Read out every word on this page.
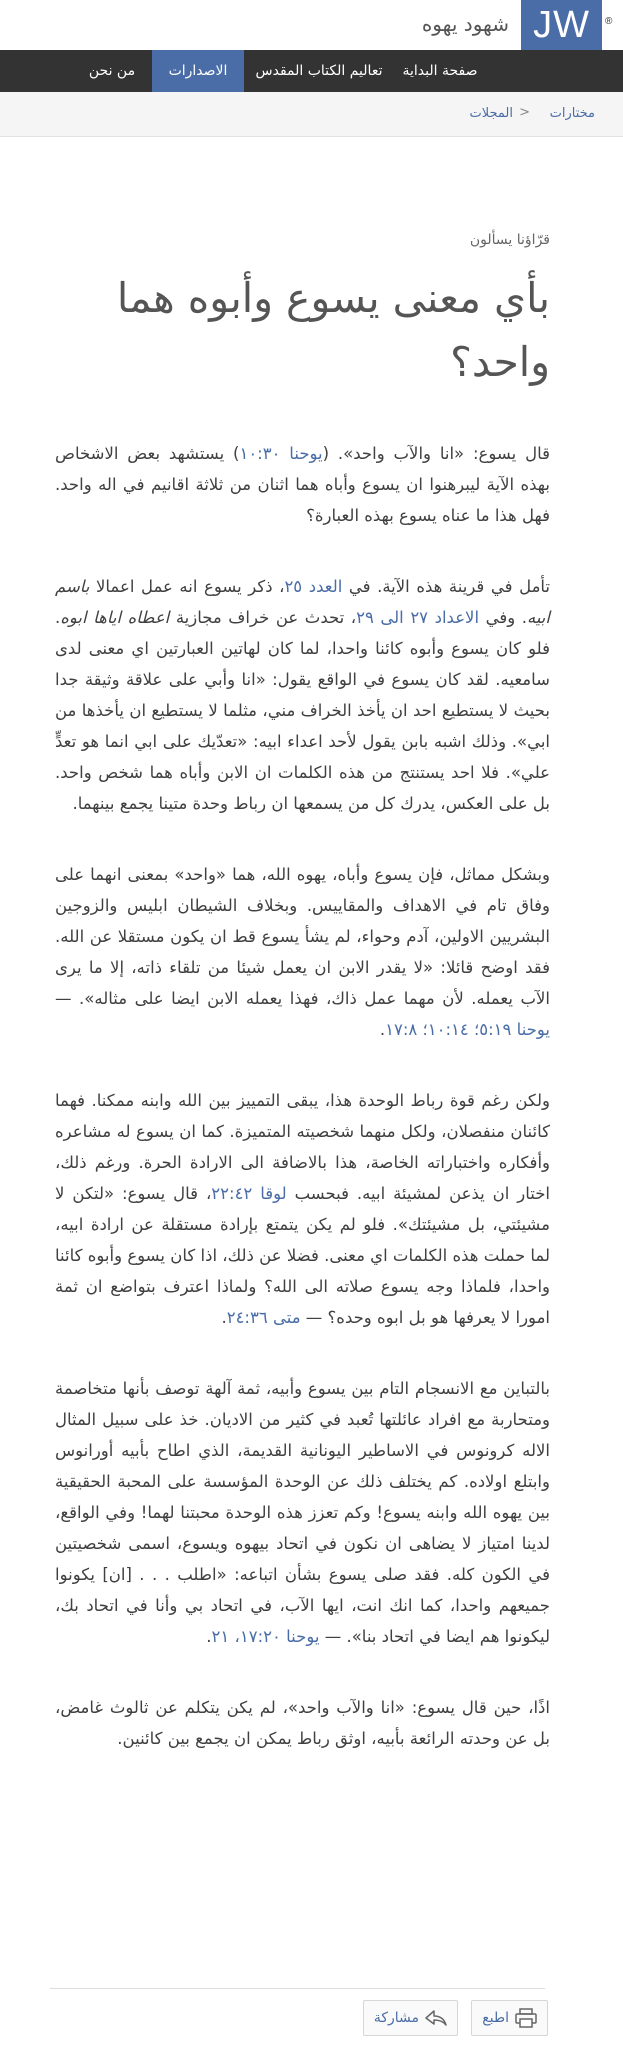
JW	®
شهود يهوه
صفحة البداية
تعاليم الكتاب المقدس
الاصدارات
من نحن
مختارات
<
المجلات
قرّاؤنا يسألون
بأي معنى يسوع وأبوه هما واحد؟

قال يسوع: «انا والآب واحد». (يوحنا ١٠:٣٠) يستشهد بعض الاشخاص بهذه الآية ليبرهنوا ان يسوع وأباه هما اثنان من ثلاثة اقانيم في اله واحد. فهل هذا ما عناه يسوع بهذه العبارة؟

تأمل في قرينة هذه الآية. في العدد ٢٥، ذكر يسوع انه عمل اعمالا باسم ابيه. وفي الاعداد ٢٧ الى ٢٩، تحدث عن خراف مجازية اعطاه اياها ابوه. فلو كان يسوع وأبوه كائنا واحدا، لما كان لهاتين العبارتين اي معنى لدى سامعيه. لقد كان يسوع في الواقع يقول: «انا وأبي على علاقة وثيقة جدا بحيث لا يستطيع احد ان يأخذ الخراف مني، مثلما لا يستطيع ان يأخذها من ابي». وذلك اشبه بابن يقول لأحد اعداء ابيه: «تعدّيك على ابي انما هو تعدٍّ علي». فلا احد يستنتج من هذه الكلمات ان الابن وأباه هما شخص واحد. بل على العكس، يدرك كل من يسمعها ان رباط وحدة متينا يجمع بينهما.

وبشكل مماثل، فإن يسوع وأباه، يهوه الله، هما «واحد» بمعنى انهما على وفاق تام في الاهداف والمقاييس. وبخلاف الشيطان ابليس والزوجين البشريين الاولين، آدم وحواء، لم يشأ يسوع قط ان يكون مستقلا عن الله. فقد اوضح قائلا: «لا يقدر الابن ان يعمل شيئا من تلقاء ذاته، إلا ما يرى الآب يعمله. لأن مهما عمل ذاك، فهذا يعمله الابن ايضا على مثاله». — يوحنا ٥:١٩؛ ١٠:١٤؛ ١٧:٨.

ولكن رغم قوة رباط الوحدة هذا، يبقى التمييز بين الله وابنه ممكنا. فهما كائنان منفصلان، ولكل منهما شخصيته المتميزة. كما ان يسوع له مشاعره وأفكاره واختباراته الخاصة، هذا بالاضافة الى الارادة الحرة. ورغم ذلك، اختار ان يذعن لمشيئة ابيه. فبحسب لوقا ٢٢:٤٢، قال يسوع: «لتكن لا مشيئتي، بل مشيئتك». فلو لم يكن يتمتع بإرادة مستقلة عن ارادة ابيه، لما حملت هذه الكلمات اي معنى. فضلا عن ذلك، اذا كان يسوع وأبوه كائنا واحدا، فلماذا وجه يسوع صلاته الى الله؟ ولماذا اعترف بتواضع ان ثمة امورا لا يعرفها هو بل ابوه وحده؟ — متى ٢٤:٣٦.

بالتباين مع الانسجام التام بين يسوع وأبيه، ثمة آلهة توصف بأنها متخاصمة ومتحاربة مع افراد عائلتها تُعبد في كثير من الاديان. خذ على سبيل المثال الاله كرونوس في الاساطير اليونانية القديمة، الذي اطاح بأبيه أورانوس وابتلع اولاده. كم يختلف ذلك عن الوحدة المؤسسة على المحبة الحقيقية بين يهوه الله وابنه يسوع! وكم تعزز هذه الوحدة محبتنا لهما! وفي الواقع، لدينا امتياز لا يضاهى ان نكون في اتحاد بيهوه ويسوع، اسمى شخصيتين في الكون كله. فقد صلى يسوع بشأن اتباعه: «اطلب . . . [ان] يكونوا جميعهم واحدا، كما انك انت، ايها الآب، في اتحاد بي وأنا في اتحاد بك، ليكونوا هم ايضا في اتحاد بنا». — يوحنا ١٧:٢٠، ٢١.

اذًا، حين قال يسوع: «انا والآب واحد»، لم يكن يتكلم عن ثالوث غامض، بل عن وحدته الرائعة بأبيه، اوثق رباط يمكن ان يجمع بين كائنين.

اطبع
مشاركة
